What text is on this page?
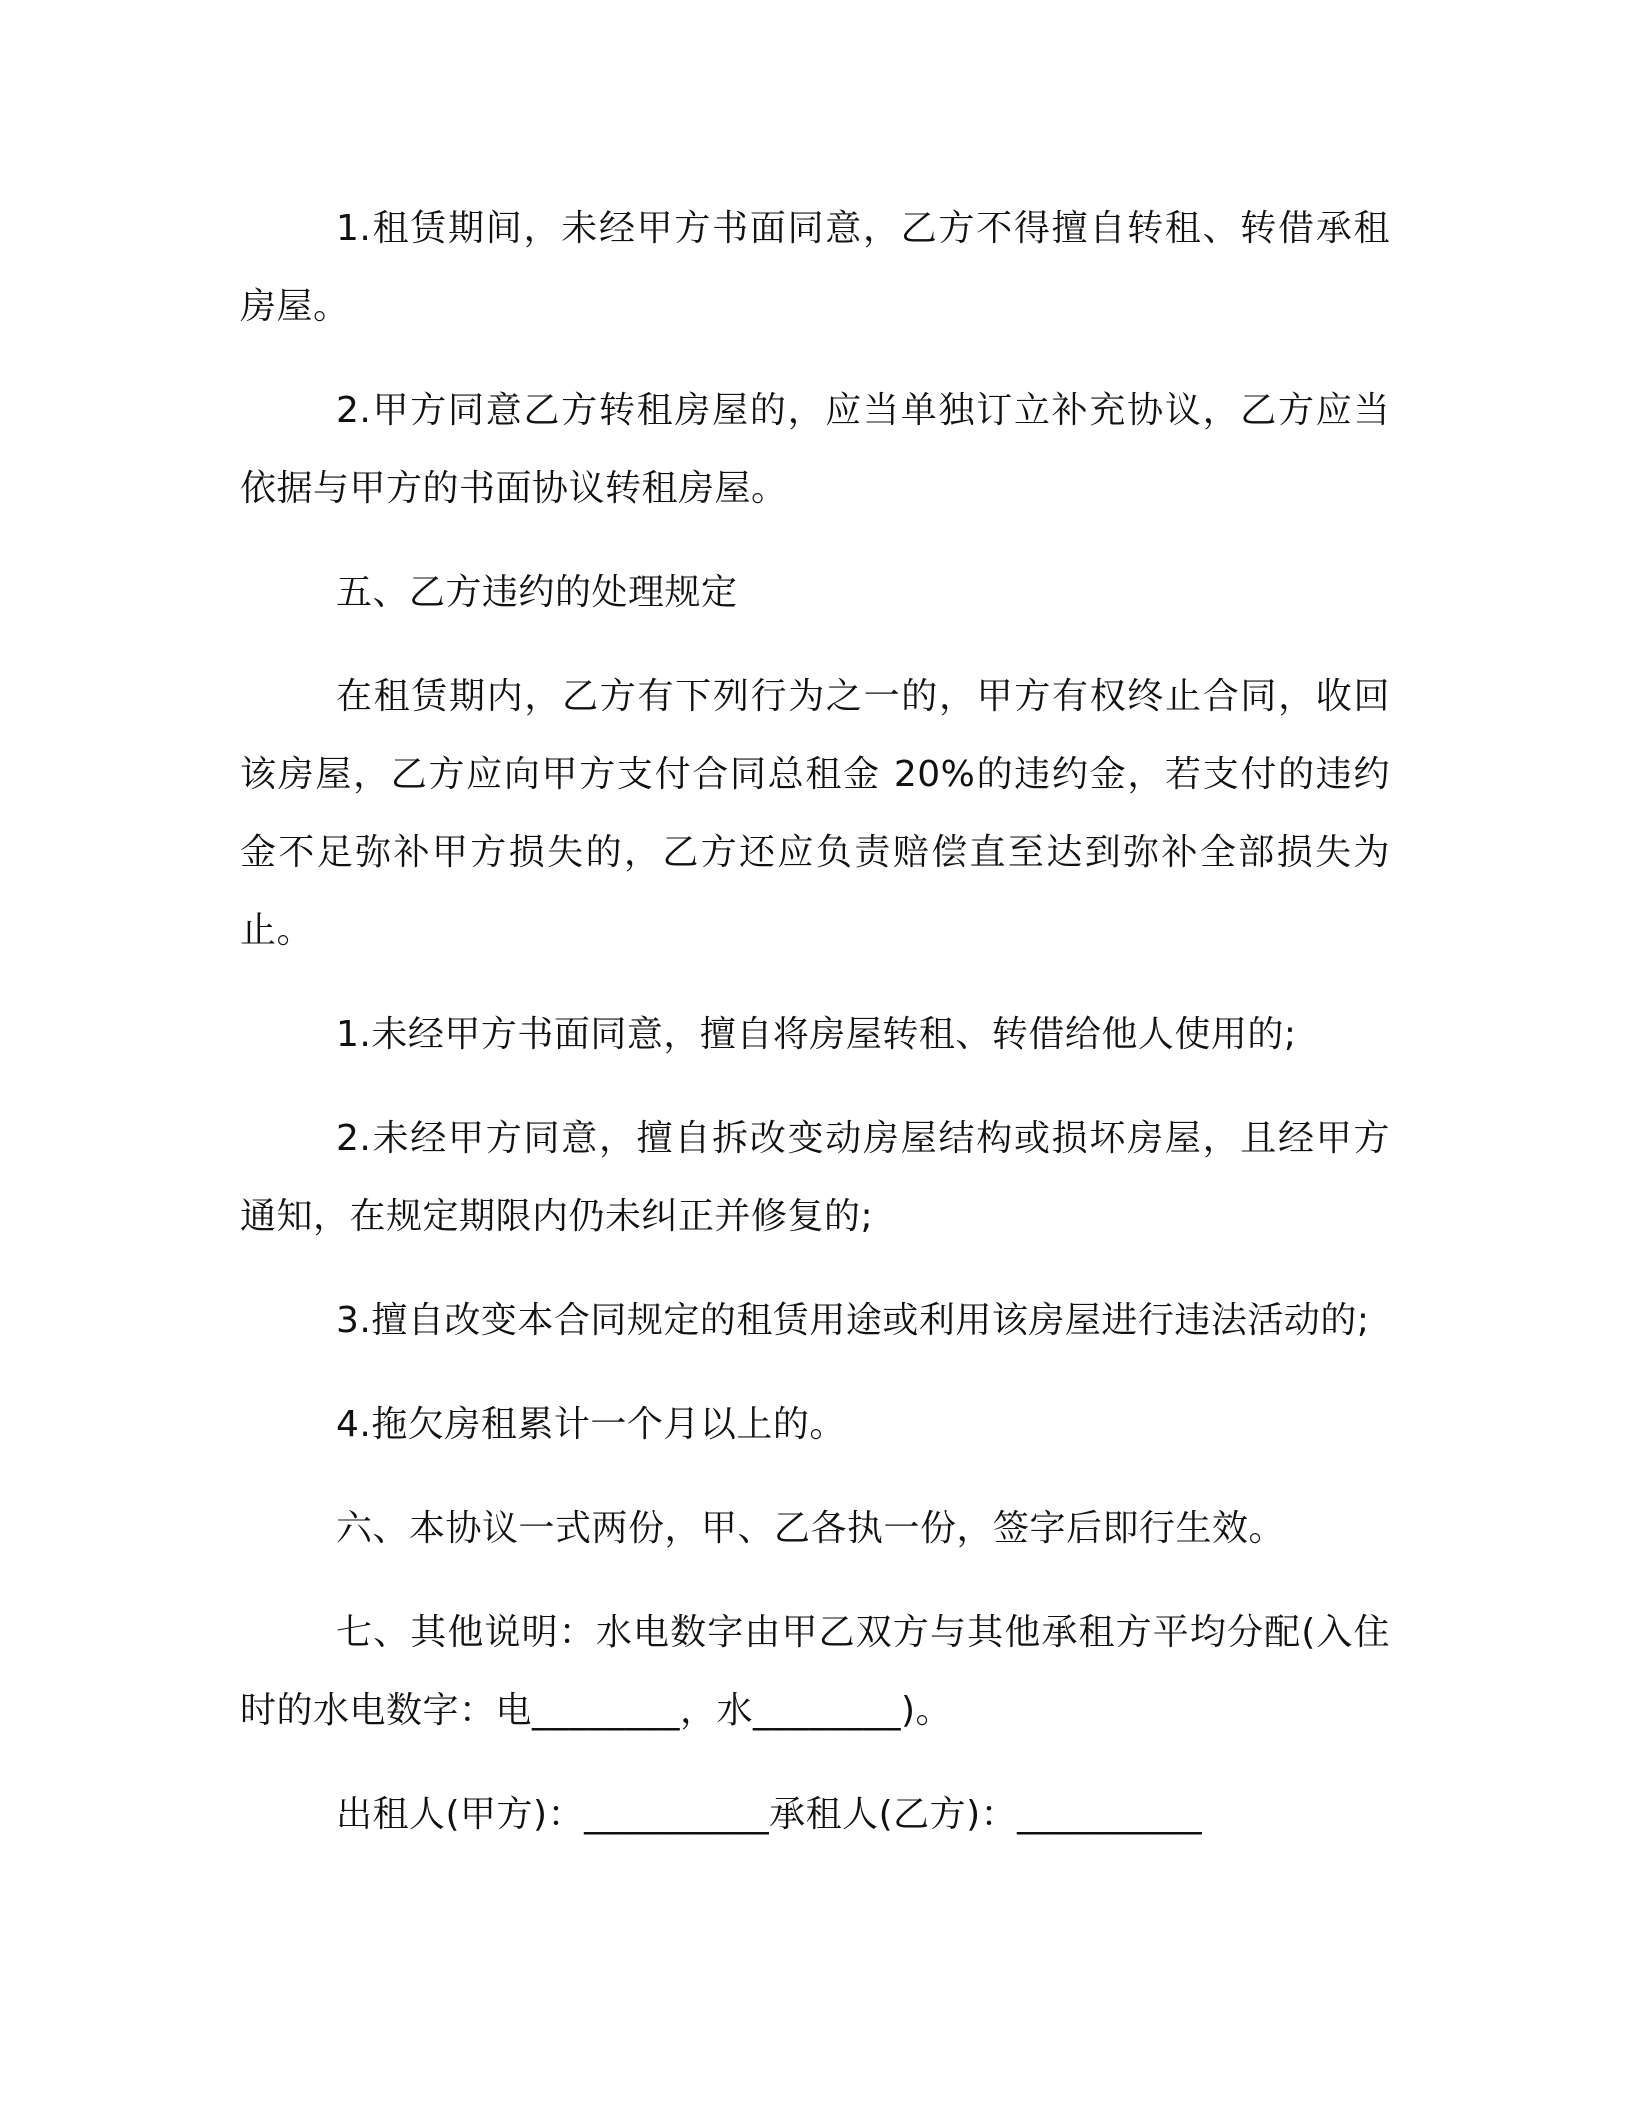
1.租赁期间，未经甲方书面同意，乙方不得擅自转租、转借承租房屋。

2.甲方同意乙方转租房屋的，应当单独订立补充协议，乙方应当依据与甲方的书面协议转租房屋。

五、乙方违约的处理规定

在租赁期内，乙方有下列行为之一的，甲方有权终止合同，收回该房屋，乙方应向甲方支付合同总租金 20%的违约金，若支付的违约金不足弥补甲方损失的，乙方还应负责赔偿直至达到弥补全部损失为止。

1.未经甲方书面同意，擅自将房屋转租、转借给他人使用的;

2.未经甲方同意，擅自拆改变动房屋结构或损坏房屋，且经甲方通知，在规定期限内仍未纠正并修复的;

3.擅自改变本合同规定的租赁用途或利用该房屋进行违法活动的;

4.拖欠房租累计一个月以上的。

六、本协议一式两份，甲、乙各执一份，签字后即行生效。

七、其他说明：水电数字由甲乙双方与其他承租方平均分配(入住时的水电数字：电________，水________)。

出租人(甲方)：__________承租人(乙方)：__________
